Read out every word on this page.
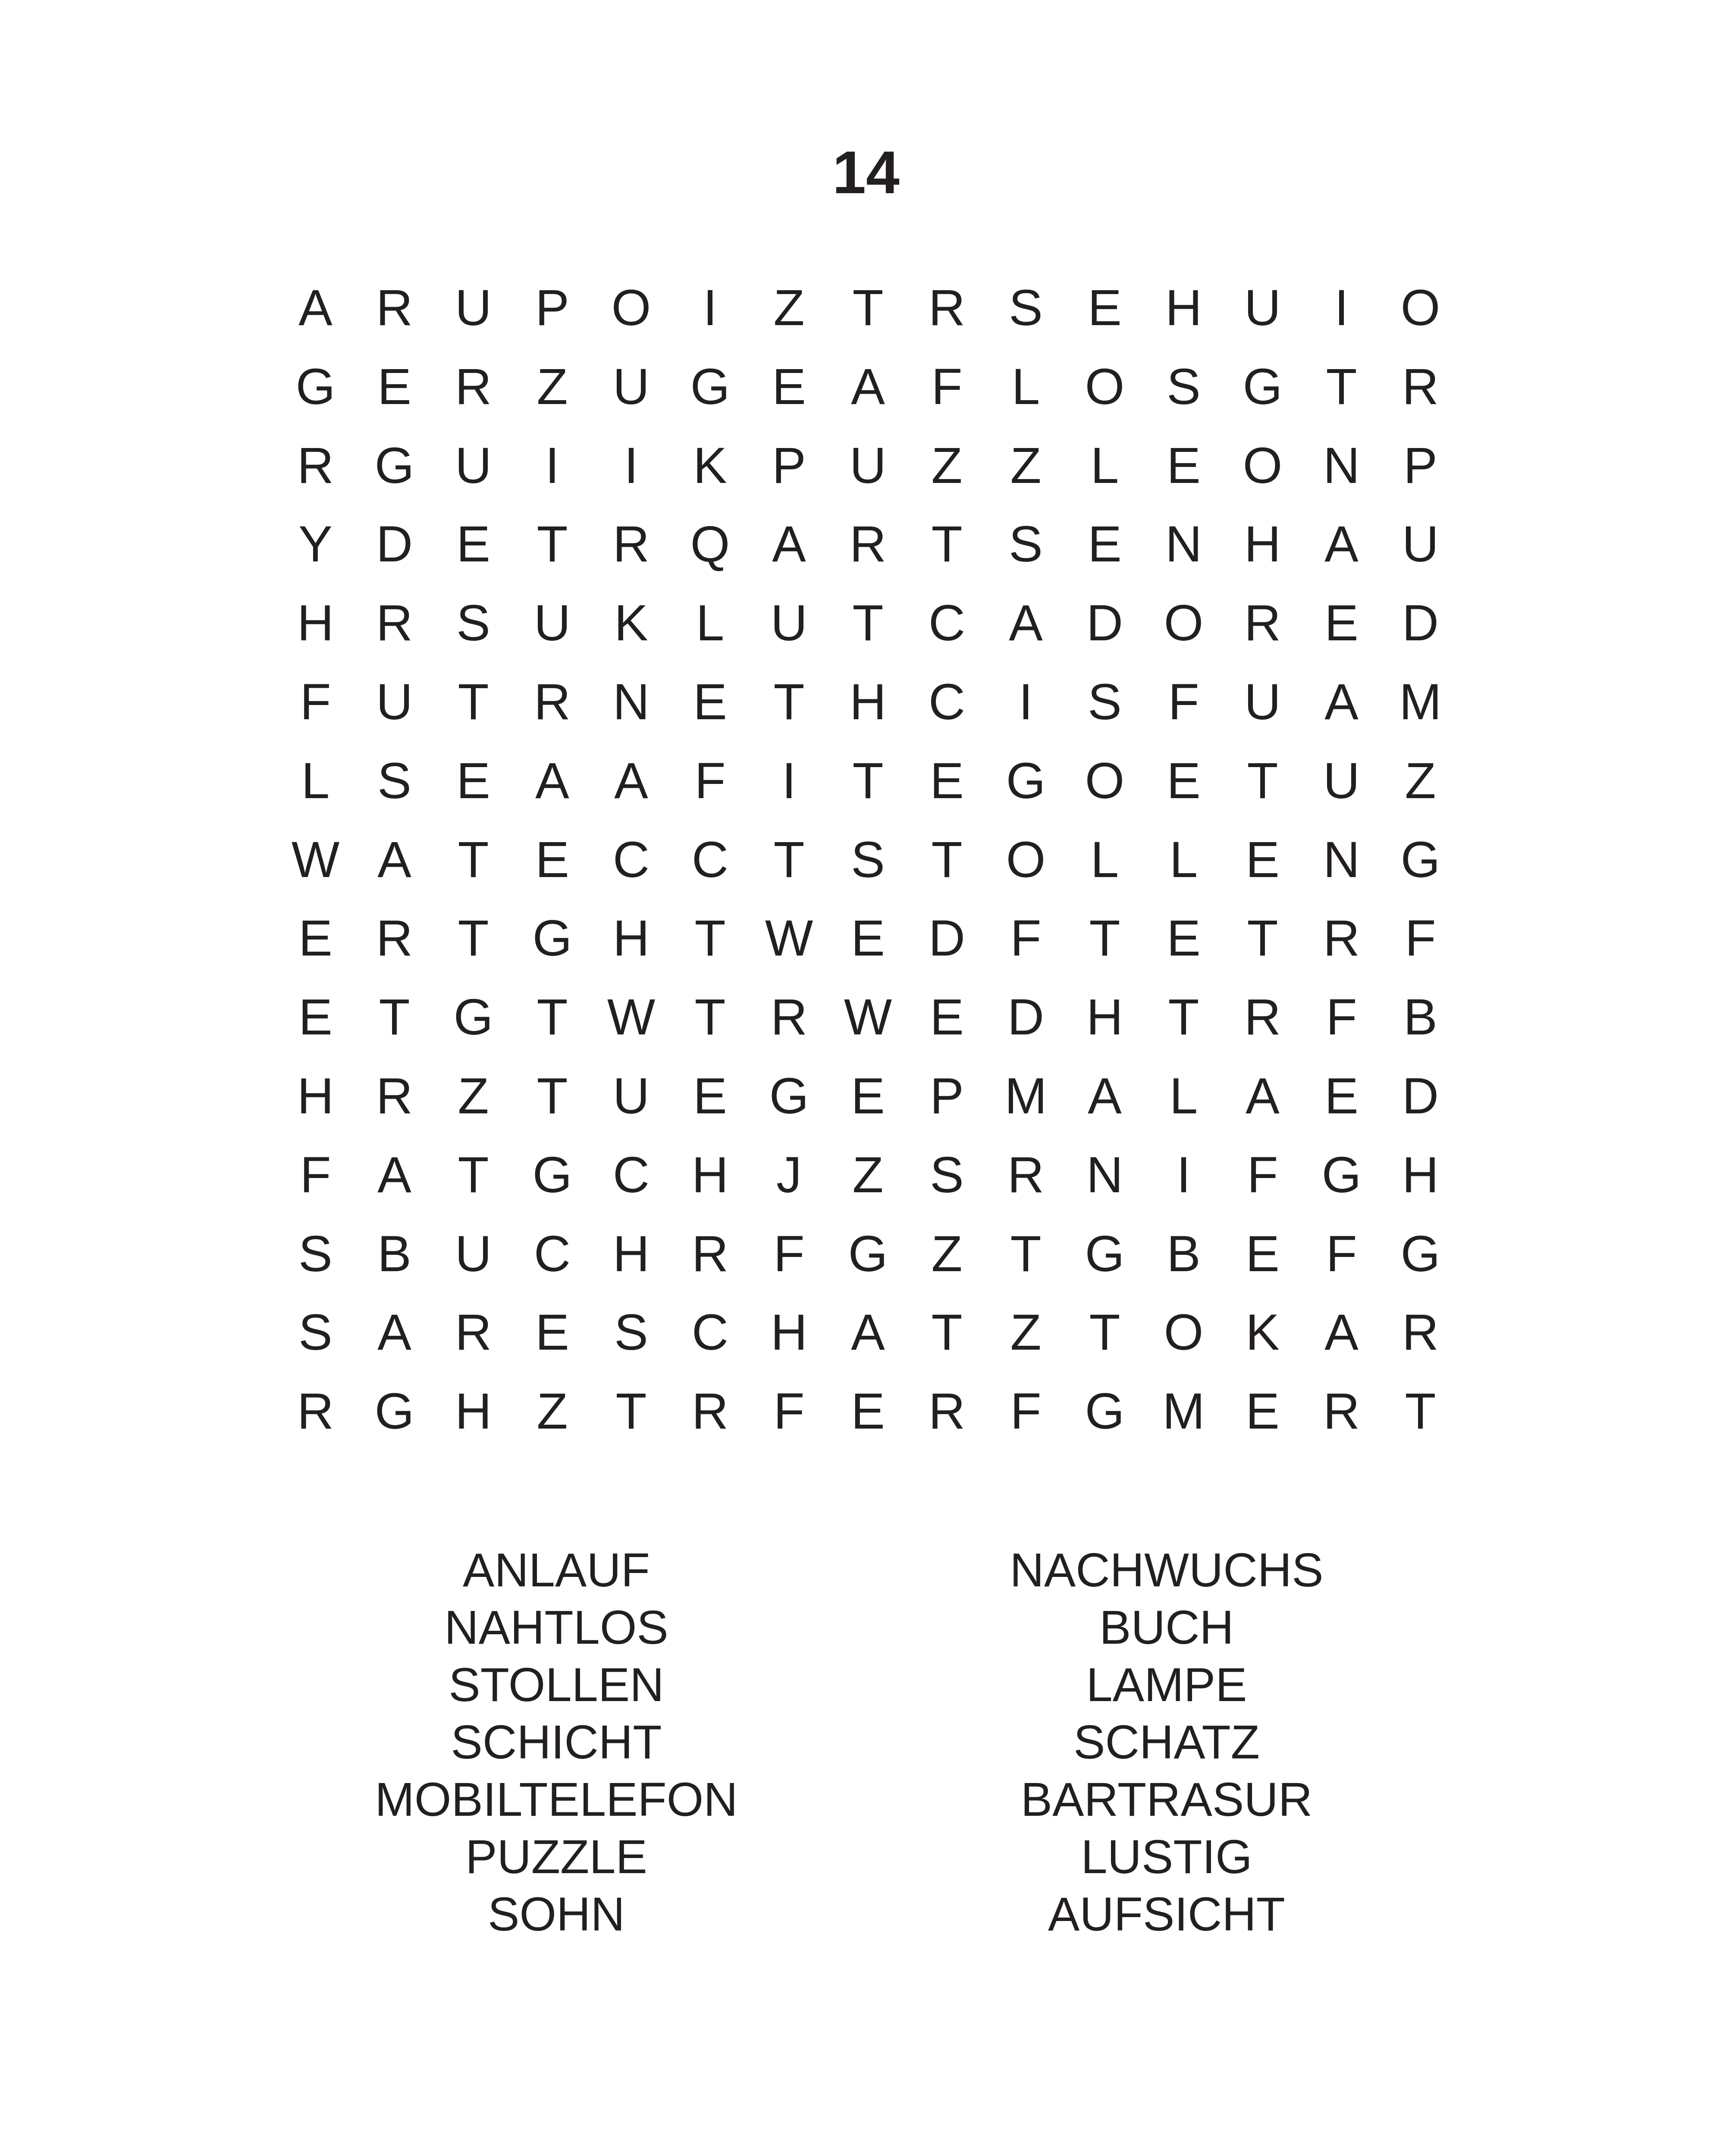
14
A R U P O	I	Z T R S E H U	I	O
G E R Z U G E A F L O S G T R
R G U	I	I	K P U Z Z L E O N P
Y D E T R Q A R T S E N H A U
H R S U K L U T C A D O R E D
F U T R N E T H C	I	S F U A M
L S E A A F	I	T E G O E T U Z
W A T E C C T S T O L L E N G
E R T G H T W E D F T E T R F
E T G T W T R W E D H T R F B
H R Z T U E G E P M A L A E D
F A T G C H J Z S R N	I	F G H
S B U C H R F G Z T G B E F G
S A R E S C H A T Z T O K A R
R G H Z T R F E R F G M E R T
ANLAUF
NAHTLOS
STOLLEN
SCHICHT
MOBILTELEFON
PUZZLE
SOHN
NACHWUCHS
BUCH
LAMPE
SCHATZ
BARTRASUR
LUSTIG
AUFSICHT
